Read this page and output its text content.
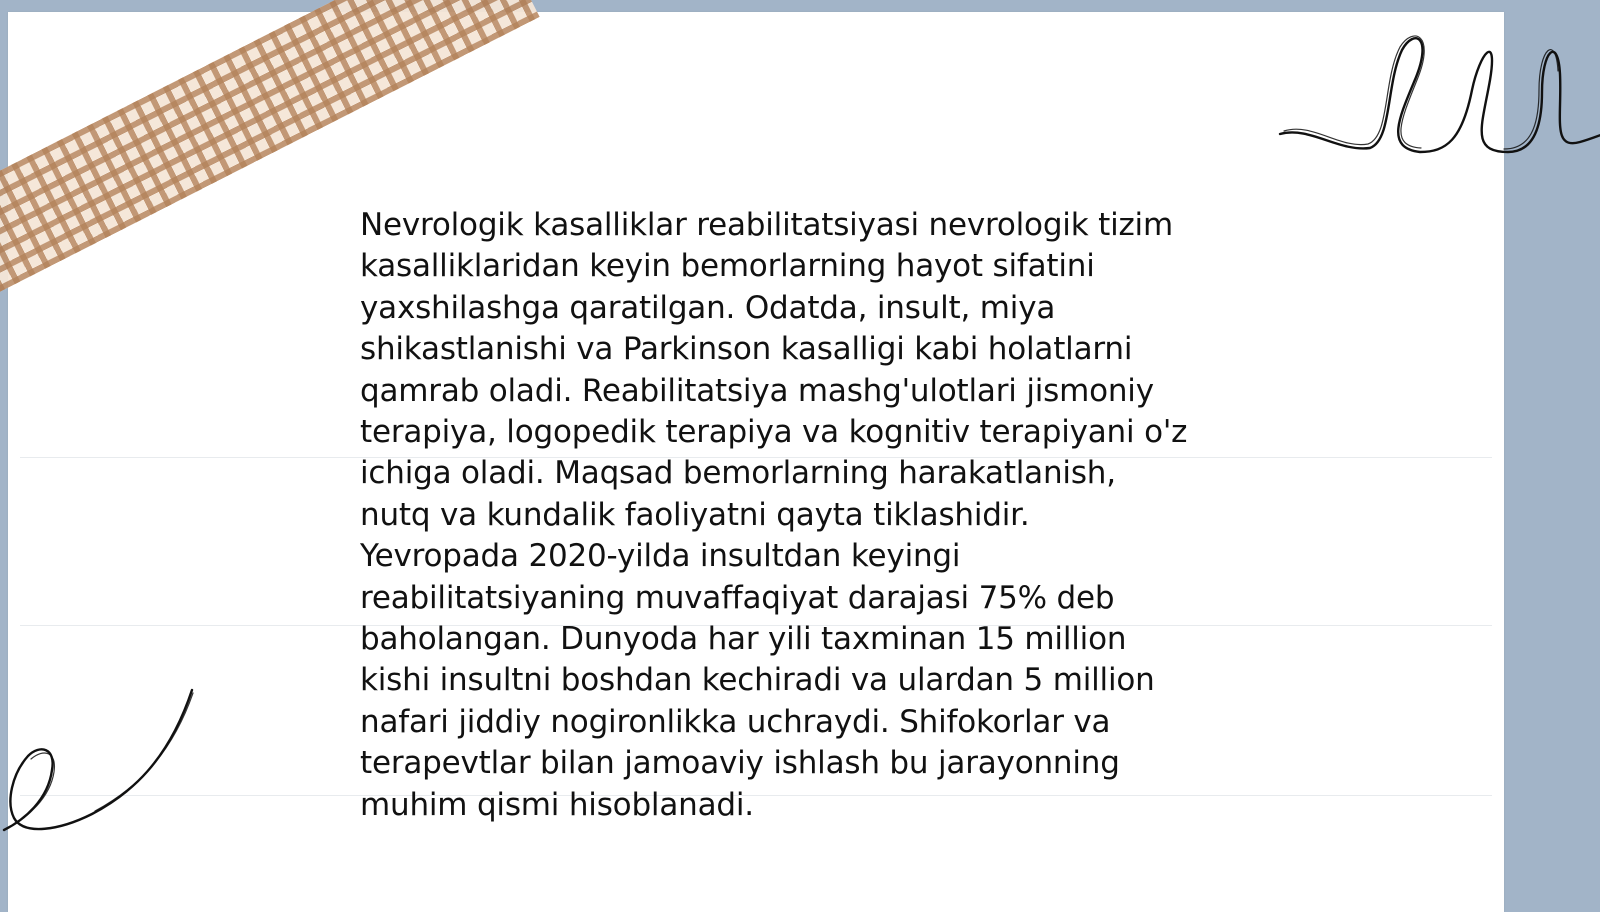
Nevrologik kasalliklar reabilitatsiyasi nevrologik tizim
kasalliklaridan keyin bemorlarning hayot sifatini
yaxshilashga qaratilgan. Odatda, insult, miya
shikastlanishi va Parkinson kasalligi kabi holatlarni
qamrab oladi. Reabilitatsiya mashg'ulotlari jismoniy
terapiya, logopedik terapiya va kognitiv terapiyani o'z
ichiga oladi. Maqsad bemorlarning harakatlanish,
nutq va kundalik faoliyatni qayta tiklashidir.
Yevropada 2020-yilda insultdan keyingi
reabilitatsiyaning muvaffaqiyat darajasi 75% deb
baholangan. Dunyoda har yili taxminan 15 million
kishi insultni boshdan kechiradi va ulardan 5 million
nafari jiddiy nogironlikka uchraydi. Shifokorlar va
terapevtlar bilan jamoaviy ishlash bu jarayonning
muhim qismi hisoblanadi.
